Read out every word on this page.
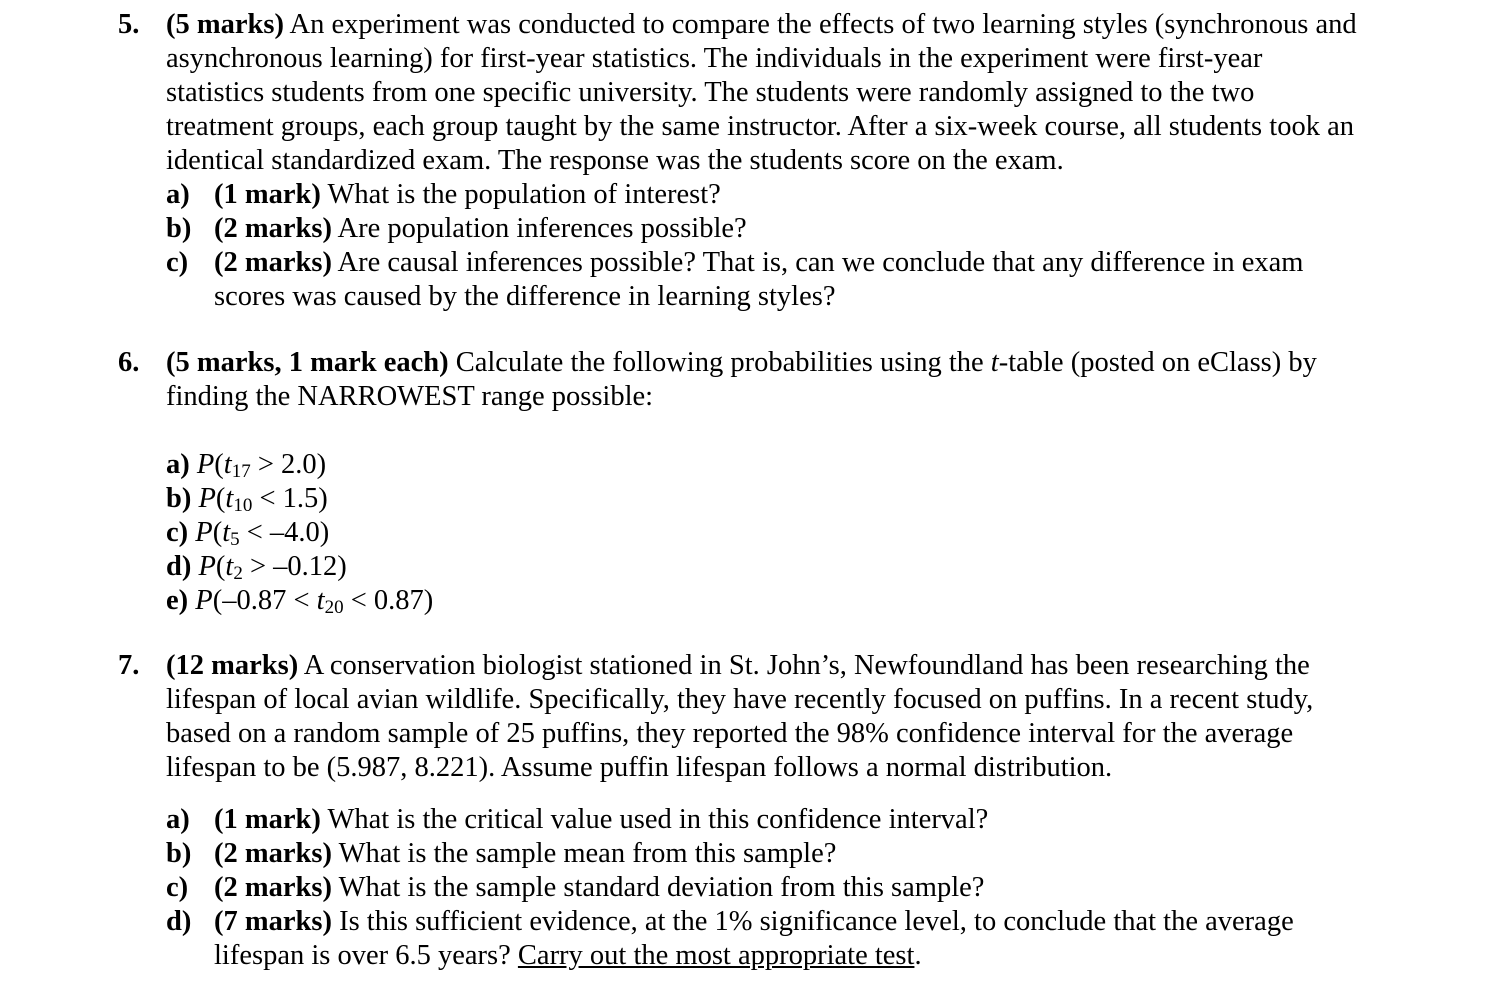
5. (5 marks) An experiment was conducted to compare the effects of two learning styles (synchronous and asynchronous learning) for first-year statistics. The individuals in the experiment were first-year statistics students from one specific university. The students were randomly assigned to the two treatment groups, each group taught by the same instructor. After a six-week course, all students took an identical standardized exam. The response was the students score on the exam.
a) (1 mark) What is the population of interest?
b) (2 marks) Are population inferences possible?
c) (2 marks) Are causal inferences possible? That is, can we conclude that any difference in exam scores was caused by the difference in learning styles?
6. (5 marks, 1 mark each) Calculate the following probabilities using the t-table (posted on eClass) by finding the NARROWEST range possible:
a) $P(t_{17} > 2.0)$
b) $P(t_{10} < 1.5)$
c) $P(t_5 < -4.0)$
d) $P(t_2 > -0.12)$
e) $P(-0.87 < t_{20} < 0.87)$
7. (12 marks) A conservation biologist stationed in St. John’s, Newfoundland has been researching the lifespan of local avian wildlife. Specifically, they have recently focused on puffins. In a recent study, based on a random sample of 25 puffins, they reported the 98% confidence interval for the average lifespan to be (5.987, 8.221). Assume puffin lifespan follows a normal distribution.
a) (1 mark) What is the critical value used in this confidence interval?
b) (2 marks) What is the sample mean from this sample?
c) (2 marks) What is the sample standard deviation from this sample?
d) (7 marks) Is this sufficient evidence, at the 1% significance level, to conclude that the average lifespan is over 6.5 years? Carry out the most appropriate test.
